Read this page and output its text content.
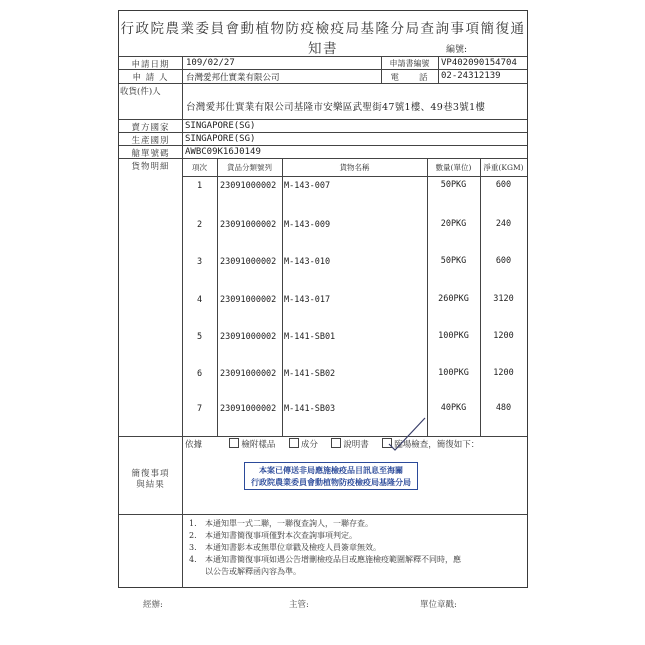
行政院農業委員會動植物防疫檢疫局基隆分局查詢事項簡復通知書	編號:
申請日期	109/02/27	申請書編號	VP402090154704
申 請 人	台灣愛邦仕實業有限公司	電　　話	02-24312139
收貨(件)人
台灣愛邦仕實業有限公司基隆市安樂區武聖街47號1樓、49巷3號1樓
賣方國家	SINGAPORE(SG)
生產國別	SINGAPORE(SG)
艙單號碼	AWBC09K16J0149
貨物明細	項次	貨品分類號列	貨物名稱	數量(單位)	淨重(KGM)
1	23091000002 M-143-007	50PKG	600
2	23091000002 M-143-009	20PKG	240
3	23091000002 M-143-010	50PKG	600
4	23091000002 M-143-017	260PKG	3120
5	23091000002 M-141-SB01	100PKG	1200
6	23091000002 M-141-SB02	100PKG	1200
7	23091000002 M-141-SB03	40PKG	480
簡復事項
與結果
依據	檢附樣品	成分	說明書	臨場檢查，簡復如下：
本案已傳送非局應施檢疫品目訊息至海關
行政院農業委員會動植物防疫檢疫局基隆分局
1. 本通知單一式二聯，一聯復查詢人，一聯存查。
2. 本通知書簡復事項僅對本次查詢事項判定。
3. 本通知書影本或無單位章戳及檢疫人員簽章無效。
4. 本通知書簡復事項如遇公告增刪檢疫品目或應施檢疫範圍解釋不同時，應
以公告或解釋函內容為準。
經辦:	主管:	單位章戳:
